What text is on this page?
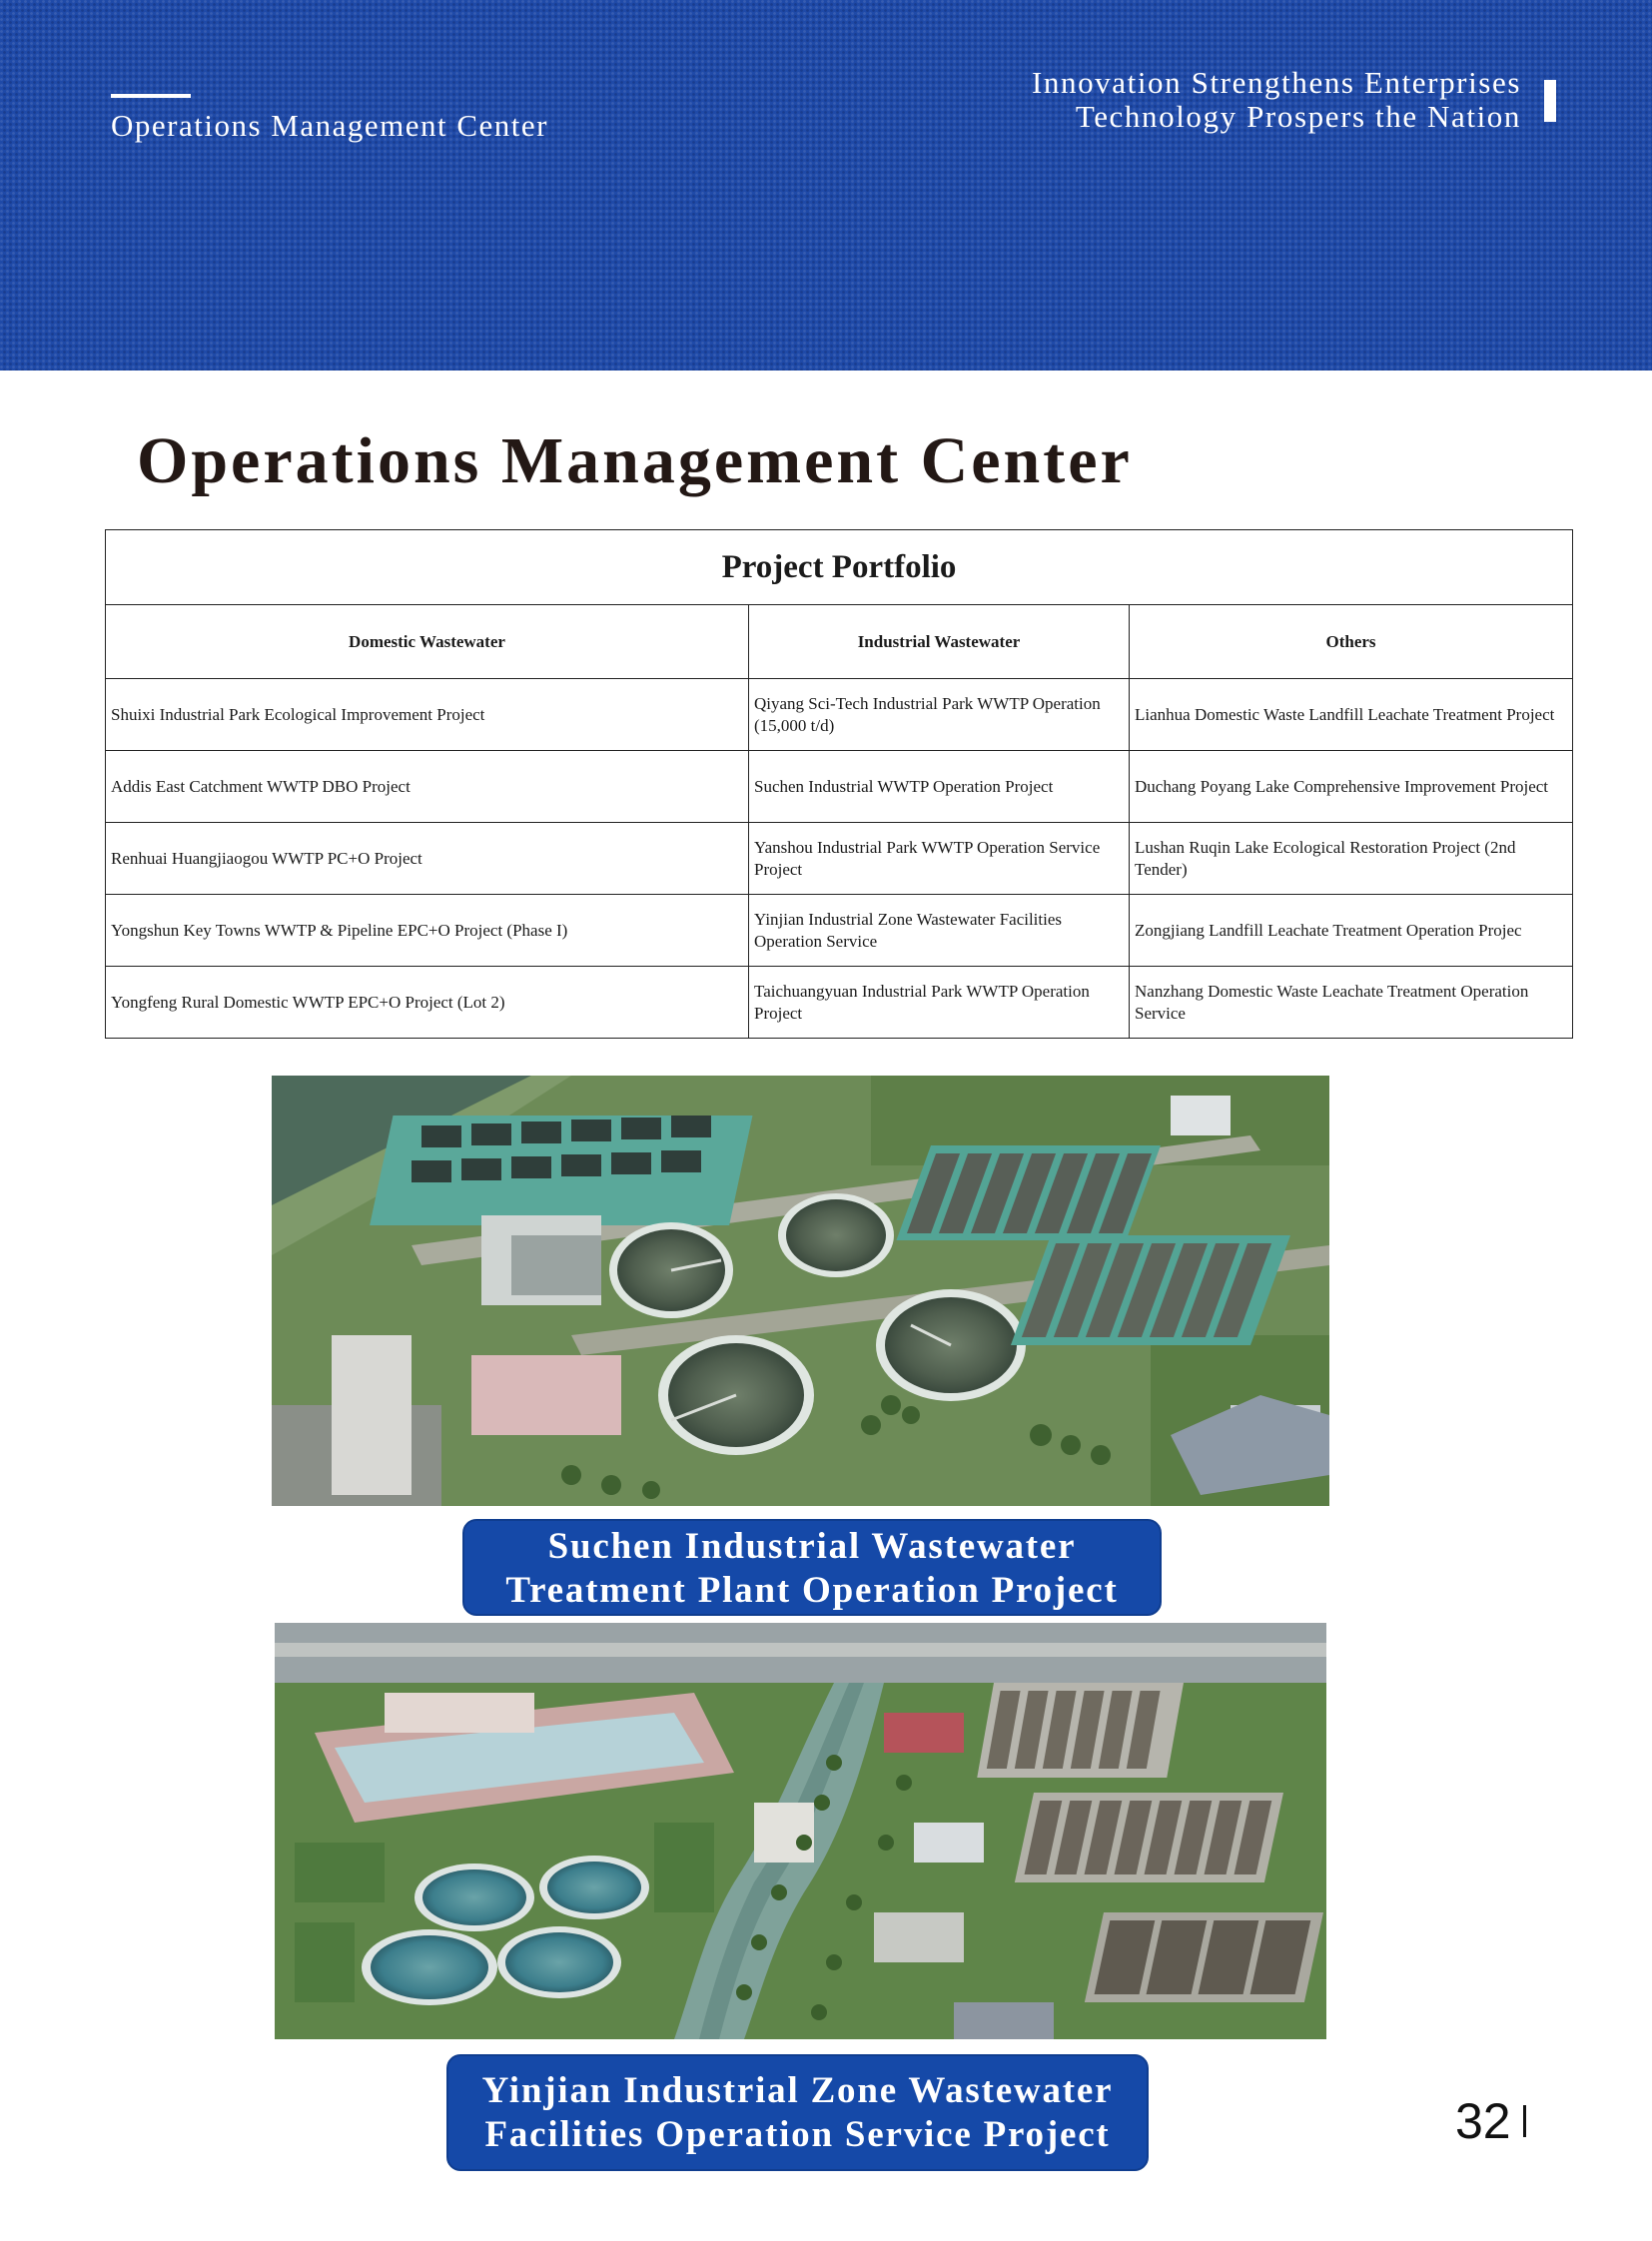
Operations Management Center
Innovation Strengthens Enterprises
Technology Prospers the Nation
Operations Management Center
Project Portfolio		
Domestic Wastewater	Industrial Wastewater	Others
Shuixi Industrial Park Ecological Improvement Project	Qiyang Sci-Tech Industrial Park WWTP Operation (15,000 t/d)	Lianhua Domestic Waste Landfill Leachate Treatment Project
Addis East Catchment WWTP DBO Project	Suchen Industrial WWTP Operation Project	Duchang Poyang Lake Comprehensive Improvement Project
Renhuai Huangjiaogou WWTP PC+O Project	Yanshou Industrial Park WWTP Operation Service Project	Lushan Ruqin Lake Ecological Restoration Project (2nd Tender)
Yongshun Key Towns WWTP & Pipeline EPC+O Project (Phase I)	Yinjian Industrial Zone Wastewater Facilities Operation Service	Zongjiang Landfill Leachate Treatment Operation Projec
Yongfeng Rural Domestic WWTP EPC+O Project (Lot 2)	Taichuangyuan Industrial Park WWTP Operation Project	Nanzhang Domestic Waste Leachate Treatment Operation Service
Suchen Industrial Wastewater
Treatment Plant Operation Project
Yinjian Industrial Zone Wastewater
Facilities Operation Service Project	32
